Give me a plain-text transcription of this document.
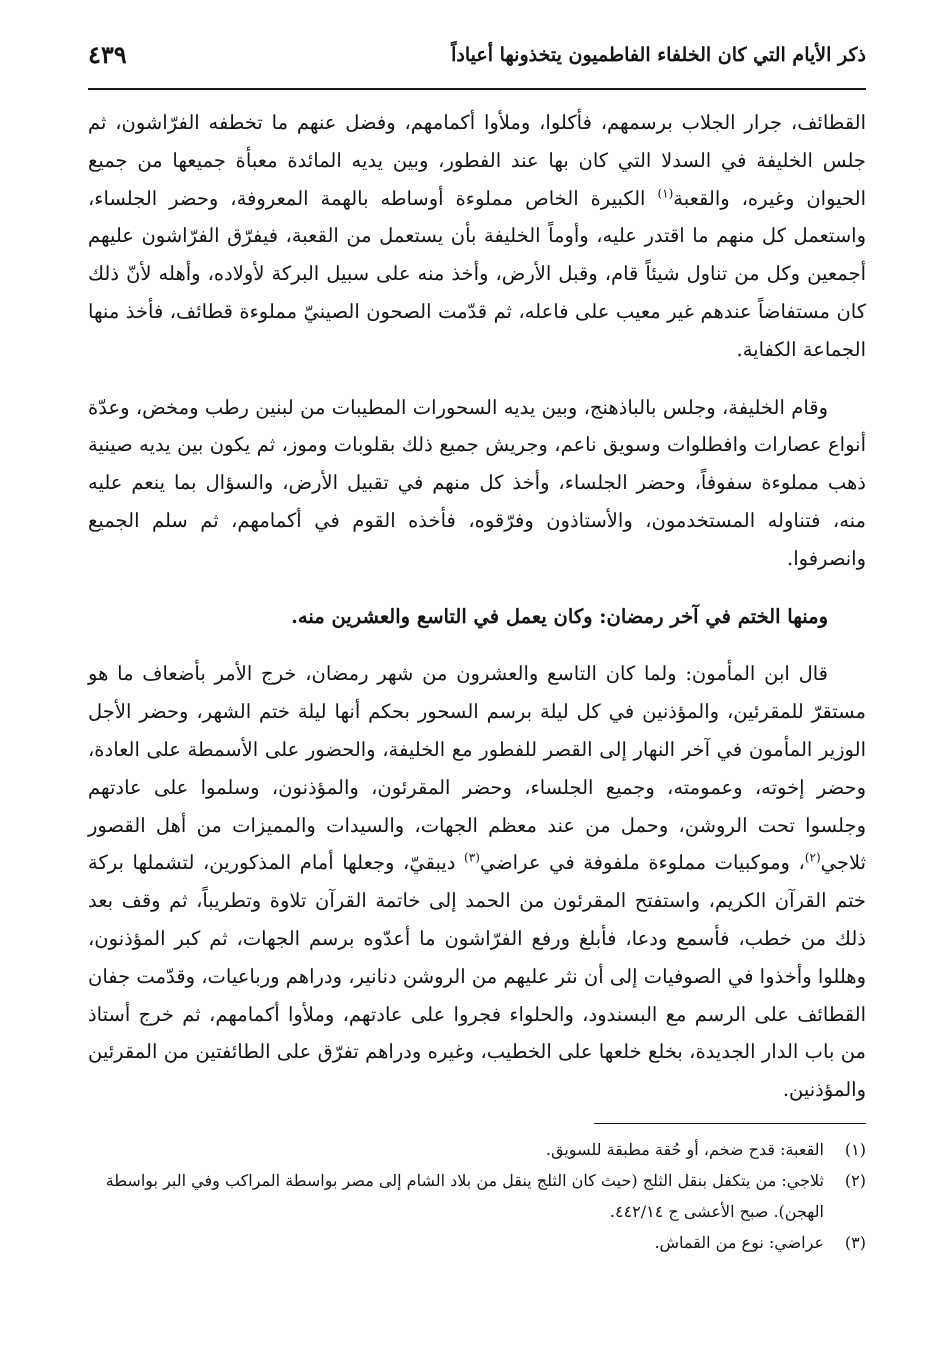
ذكر الأيام التي كان الخلفاء الفاطميون يتخذونها أعياداً
٤٣٩

القطائف، جرار الجلاب برسمهم، فأكلوا، وملأوا أكمامهم، وفضل عنهم ما تخطفه الفرّاشون، ثم جلس الخليفة في السدلا التي كان بها عند الفطور، وبين يديه المائدة معبأة جميعها من جميع الحيوان وغيره، والقعبة$^{(١)}$ الكبيرة الخاص مملوءة أوساطه بالهمة المعروفة، وحضر الجلساء، واستعمل كل منهم ما اقتدر عليه، وأوماً الخليفة بأن يستعمل من القعبة، فيفرّق الفرّاشون عليهم أجمعين وكل من تناول شيئاً قام، وقبل الأرض، وأخذ منه على سبيل البركة لأولاده، وأهله لأنّ ذلك كان مستفاضاً عندهم غير معيب على فاعله، ثم قدّمت الصحون الصينيّ مملوءة قطائف، فأخذ منها الجماعة الكفاية.

وقام الخليفة، وجلس بالباذهنج، وبين يديه السحورات المطيبات من لبنين رطب ومخض، وعدّة أنواع عصارات وافطلوات وسويق ناعم، وجريش جميع ذلك بقلوبات وموز، ثم يكون بين يديه صينية ذهب مملوءة سفوفاً، وحضر الجلساء، وأخذ كل منهم في تقبيل الأرض، والسؤال بما ينعم عليه منه، فتناوله المستخدمون، والأستاذون وفرّقوه، فأخذه القوم في أكمامهم، ثم سلم الجميع وانصرفوا.

ومنها الختم في آخر رمضان: وكان يعمل في التاسع والعشرين منه.

قال ابن المأمون: ولما كان التاسع والعشرون من شهر رمضان، خرج الأمر بأضعاف ما هو مستقرّ للمقرئين، والمؤذنين في كل ليلة برسم السحور بحكم أنها ليلة ختم الشهر، وحضر الأجل الوزير المأمون في آخر النهار إلى القصر للفطور مع الخليفة، والحضور على الأسمطة على العادة، وحضر إخوته، وعمومته، وجميع الجلساء، وحضر المقرئون، والمؤذنون، وسلموا على عادتهم وجلسوا تحت الروشن، وحمل من عند معظم الجهات، والسيدات والمميزات من أهل القصور ثلاجي$^{(٢)}$، وموكبيات مملوءة ملفوفة في عراضي$^{(٣)}$ ديبقيّ، وجعلها أمام المذكورين، لتشملها بركة ختم القرآن الكريم، واستفتح المقرئون من الحمد إلى خاتمة القرآن تلاوة وتطريباً، ثم وقف بعد ذلك من خطب، فأسمع ودعا، فأبلغ ورفع الفرّاشون ما أعدّوه برسم الجهات، ثم كبر المؤذنون، وهللوا وأخذوا في الصوفيات إلى أن نثر عليهم من الروشن دنانير، ودراهم ورباعيات، وقدّمت جفان القطائف على الرسم مع البسندود، والحلواء فجروا على عادتهم، وملأوا أكمامهم، ثم خرج أستاذ من باب الدار الجديدة، بخلع خلعها على الخطيب، وغيره ودراهم تفرّق على الطائفتين من المقرئين والمؤذنين.

(١)
القعبة: قدح ضخم، أو حُقة مطبقة للسويق.

(٢)
ثلاجي: من يتكفل بنقل الثلج (حيث كان الثلج ينقل من بلاد الشام إلى مصر بواسطة المراكب وفي البر بواسطة الهجن). صبح الأعشى ج ٤٤٢/١٤.

(٣)
عراضي: نوع من القماش.
